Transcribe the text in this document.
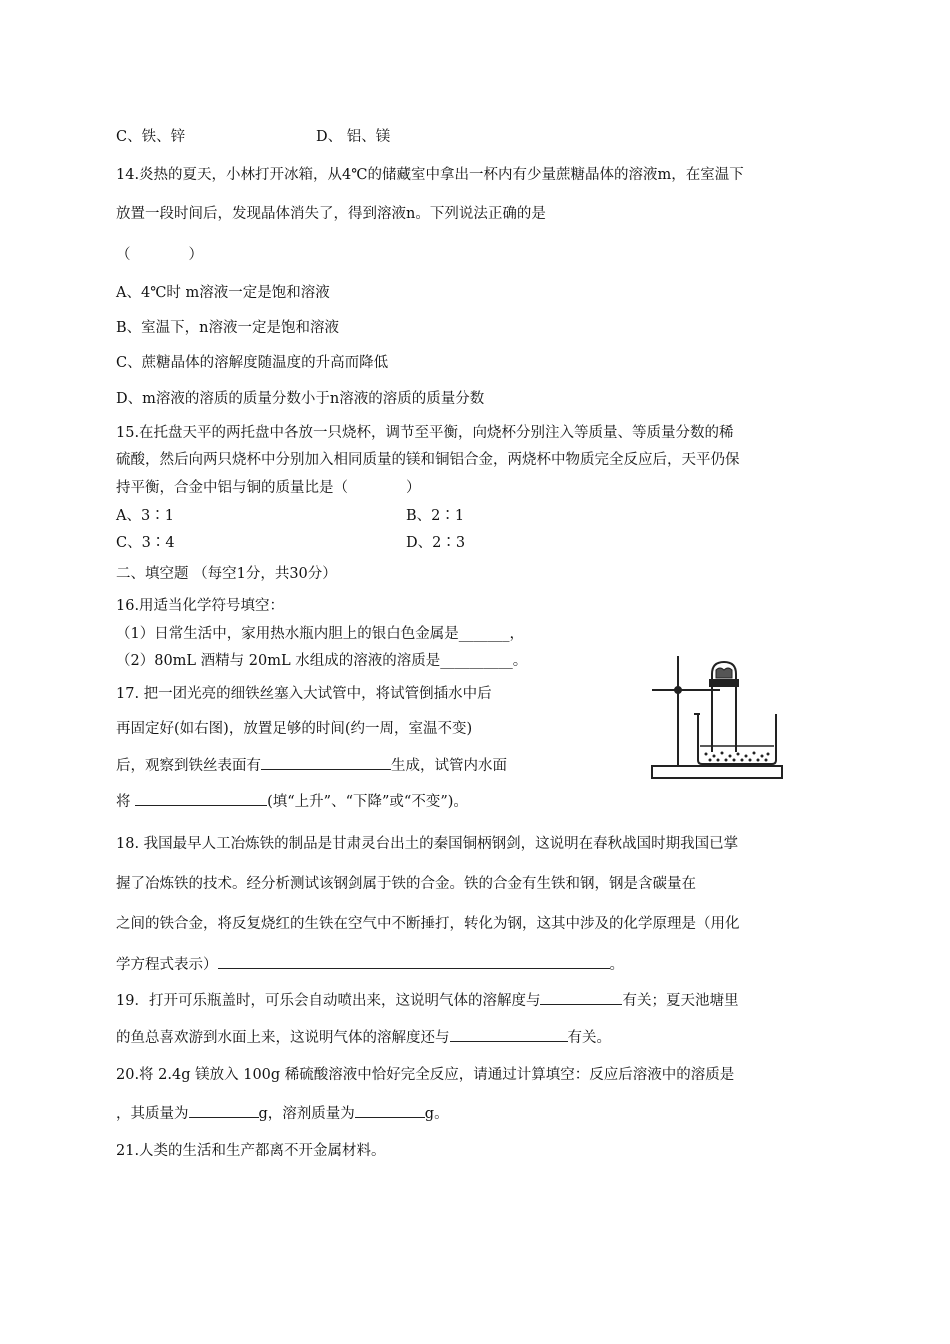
C、铁、锌	D、 铝、镁
14.炎热的夏天，小林打开冰箱，从4℃的储藏室中拿出一杯内有少量蔗糖晶体的溶液m，在室温下
放置一段时间后，发现晶体消失了，得到溶液n。下列说法正确的是
（　　　　）
A、4℃时 m溶液一定是饱和溶液
B、室温下，n溶液一定是饱和溶液
C、蔗糖晶体的溶解度随温度的升高而降低
D、m溶液的溶质的质量分数小于n溶液的溶质的质量分数
15.在托盘天平的两托盘中各放一只烧杯，调节至平衡，向烧杯分别注入等质量、等质量分数的稀
硫酸，然后向两只烧杯中分别加入相同质量的镁和铜铝合金，两烧杯中物质完全反应后，天平仍保
持平衡，合金中铝与铜的质量比是（　　　　）
A、3∶1	B、2∶1
C、3∶4	D、2∶3
二、填空题 （每空1分，共30分）
16.用适当化学符号填空：
（1）日常生活中，家用热水瓶内胆上的银白色金属是_______，
（2）80mL 酒精与 20mL 水组成的溶液的溶质是__________。
17. 把一团光亮的细铁丝塞入大试管中，将试管倒插水中后
再固定好(如右图)，放置足够的时间(约一周，室温不变)
后，观察到铁丝表面有	生成，试管内水面
将	(填“上升”、“下降”或“不变”)。
18. 我国最早人工冶炼铁的制品是甘肃灵台出土的秦国铜柄钢剑，这说明在春秋战国时期我国已掌
握了冶炼铁的技术。经分析测试该钢剑属于铁的合金。铁的合金有生铁和钢，钢是含碳量在
之间的铁合金，将反复烧红的生铁在空气中不断捶打，转化为钢，这其中涉及的化学原理是（用化
学方程式表示）	。
19．打开可乐瓶盖时，可乐会自动喷出来，这说明气体的溶解度与	有关；夏天池塘里
的鱼总喜欢游到水面上来，这说明气体的溶解度还与	有关。
20.将 2.4g 镁放入 100g 稀硫酸溶液中恰好完全反应，请通过计算填空：反应后溶液中的溶质是
，其质量为	g，溶剂质量为	g。
21.人类的生活和生产都离不开金属材料。
